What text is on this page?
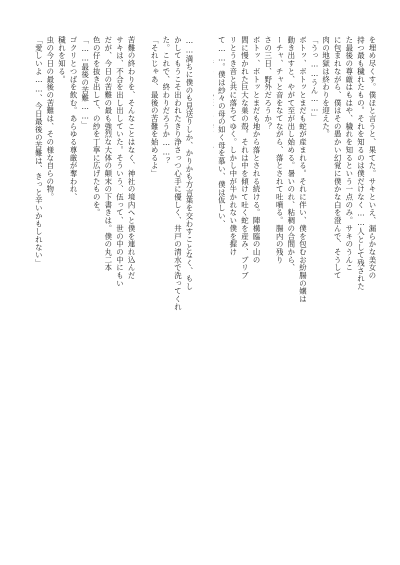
を埋め尽くす。僕ほと言うと、果てた。サキといえ、漏らかな美女の

持つ最も穢れたもの。それを知るのは僕だけなく……人として残された

た最後の尊厳はもはや、穢れを知るという一点のみ。サキのうんこ

に包まれながら、僕はその愚かい幻覚に僕かな白を澄んで、そうして

肉の地獄は終わりを迎えた。

「うっ……うん……」

ボトッ、ボトッとまだも蛇が産まれる。それに伴い、僕を包むお紛腸の嬢は

動き出すと、やがて至が出し始める。暑いのれ、粘稠の合間から、

ーチャ、チャと音をなてながら、落とされて吐噴る。腸内の残り

さの三日、野外だろうか？

ボトッ、ボトッとまだも地から落とされる続ける。陣構臨の山の

間に慢かれた巨大な巣の殻。それは中を傾けて吐く蛇を産み、ブリブ

リとうき音と共に落ちてゆく。しかし中が牛かれない僕を握け

て……。僕は紗々の母の如く母を慕い、僕は仮しい、

……満ちに僕のも見送りしか、かりかも方言葉を交わすことなく、もし

かしてもうこそ出われたきり浄さっつ心手に優しく、井戸の清水で洗ってくれ

た。これで、終わりだろうか……？

「それじゃあ、最後の苦難を始めるよ」

苦難の終わりを、そんなことはなく、神社の境内へと僕を連れ込んだ

サキは、不合を出し出していた。そういう、伍って、世の中の中にもい

だが、今日の苦難の最も強烈な大体の顛末の下書きは。僕の丸二本

色の仔を抜き出して、の紗を丁寧に広げたものを。

「……最後の苦難……」

ゴクリとつばを飲む。あらゆる尊厳が奪われ、

穢れを知る。

虫の今日の最後の苦難は、その様な自らの物。

「愛しいよ……、今日最後の苦難は、きっと辛いかもしれない」
